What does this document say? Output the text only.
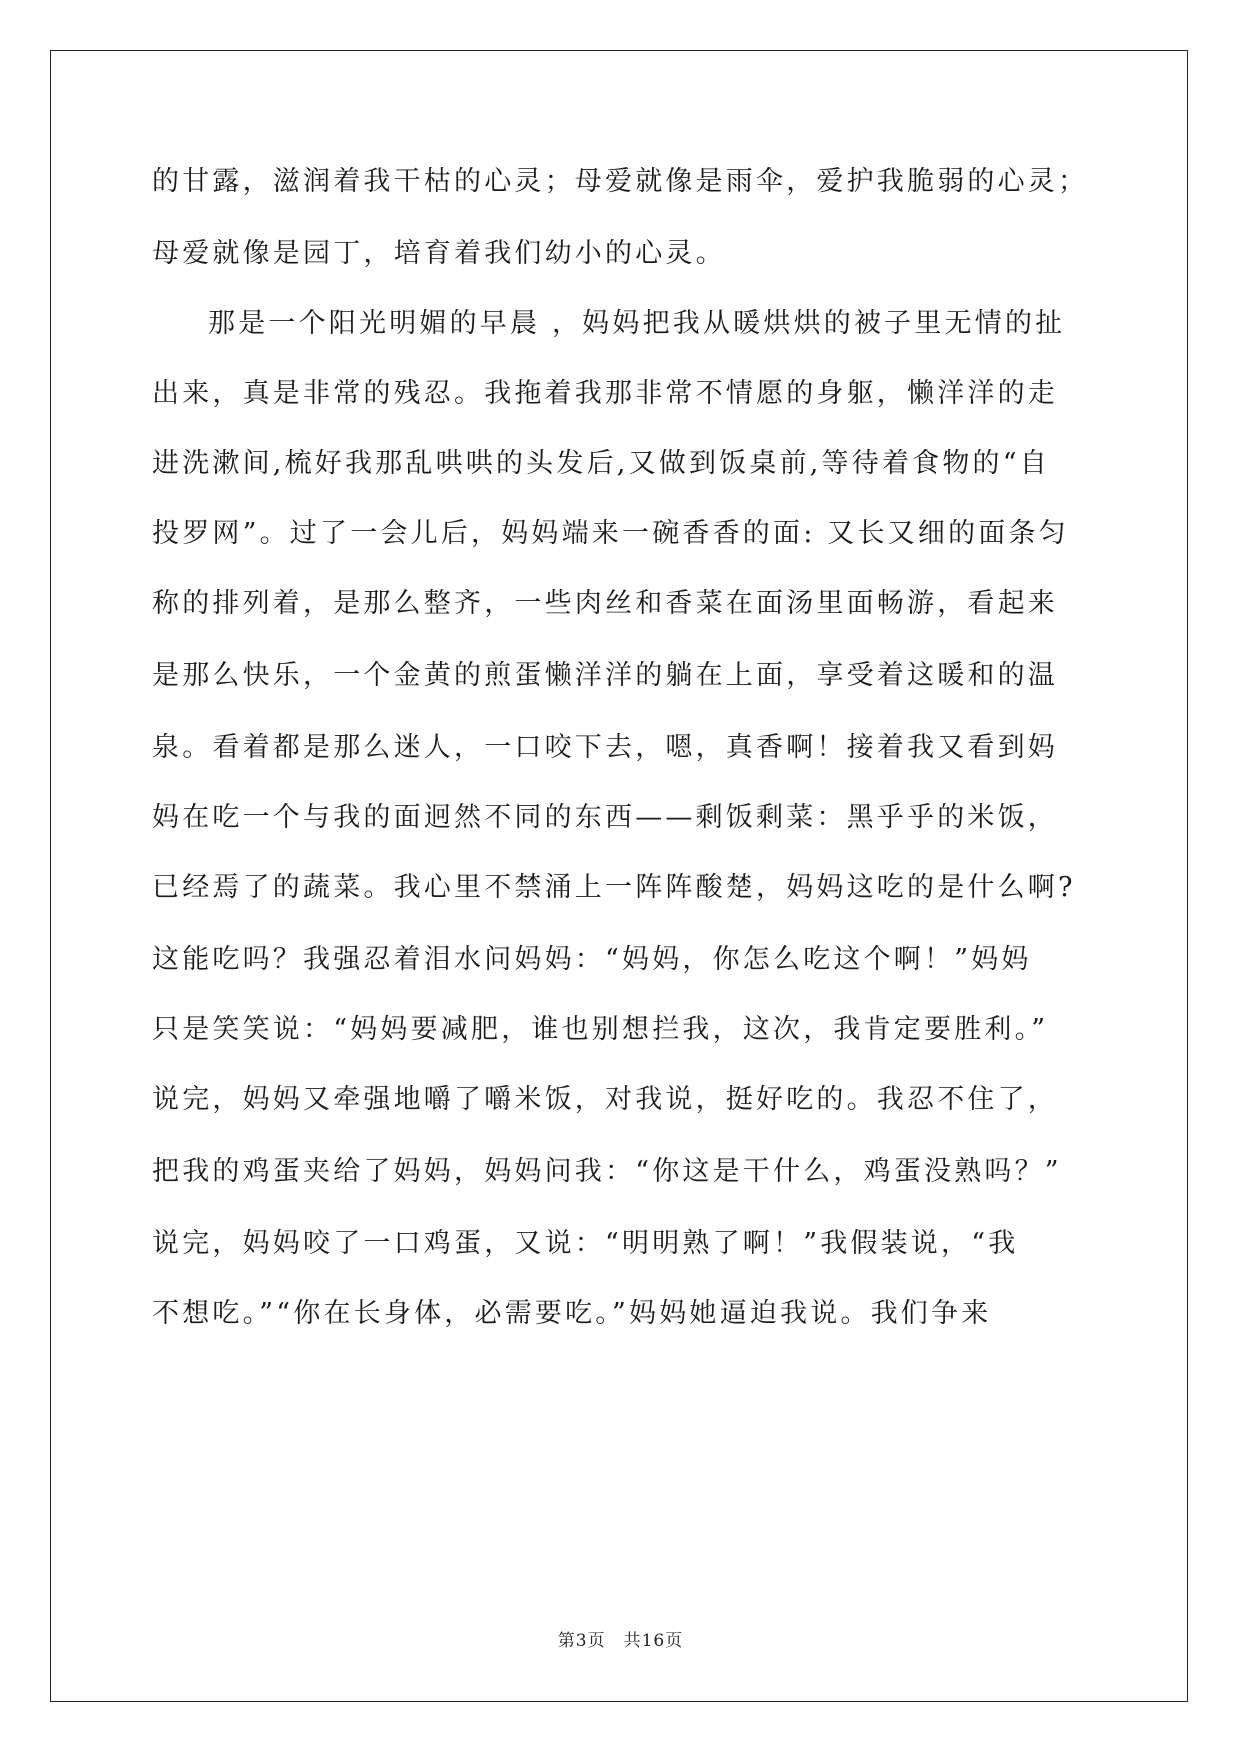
的甘露，滋润着我干枯的心灵；母爱就像是雨伞，爱护我脆弱的心灵；
母爱就像是园丁，培育着我们幼小的心灵。
那是一个阳光明媚的早晨 ，妈妈把我从暖烘烘的被子里无情的扯
出来，真是非常的残忍。我拖着我那非常不情愿的身躯，懒洋洋的走
进洗漱间,梳好我那乱哄哄的头发后,又做到饭桌前,等待着食物的“自
投罗网”。过了一会儿后，妈妈端来一碗香香的面: 又长又细的面条匀
称的排列着，是那么整齐，一些肉丝和香菜在面汤里面畅游，看起来
是那么快乐，一个金黄的煎蛋懒洋洋的躺在上面，享受着这暖和的温
泉。看着都是那么迷人，一口咬下去，嗯，真香啊！接着我又看到妈
妈在吃一个与我的面迥然不同的东西——剩饭剩菜：黑乎乎的米饭，
已经焉了的蔬菜。我心里不禁涌上一阵阵酸楚，妈妈这吃的是什么啊?
这能吃吗？我强忍着泪水问妈妈：“妈妈，你怎么吃这个啊！”妈妈
只是笑笑说：“妈妈要减肥，谁也别想拦我，这次，我肯定要胜利。”
说完，妈妈又牵强地嚼了嚼米饭，对我说，挺好吃的。我忍不住了，
把我的鸡蛋夹给了妈妈，妈妈问我：“你这是干什么，鸡蛋没熟吗？”
说完，妈妈咬了一口鸡蛋，又说：“明明熟了啊！”我假装说，“我
不想吃。”“你在长身体，必需要吃。”妈妈她逼迫我说。我们争来
第3页　共16页
